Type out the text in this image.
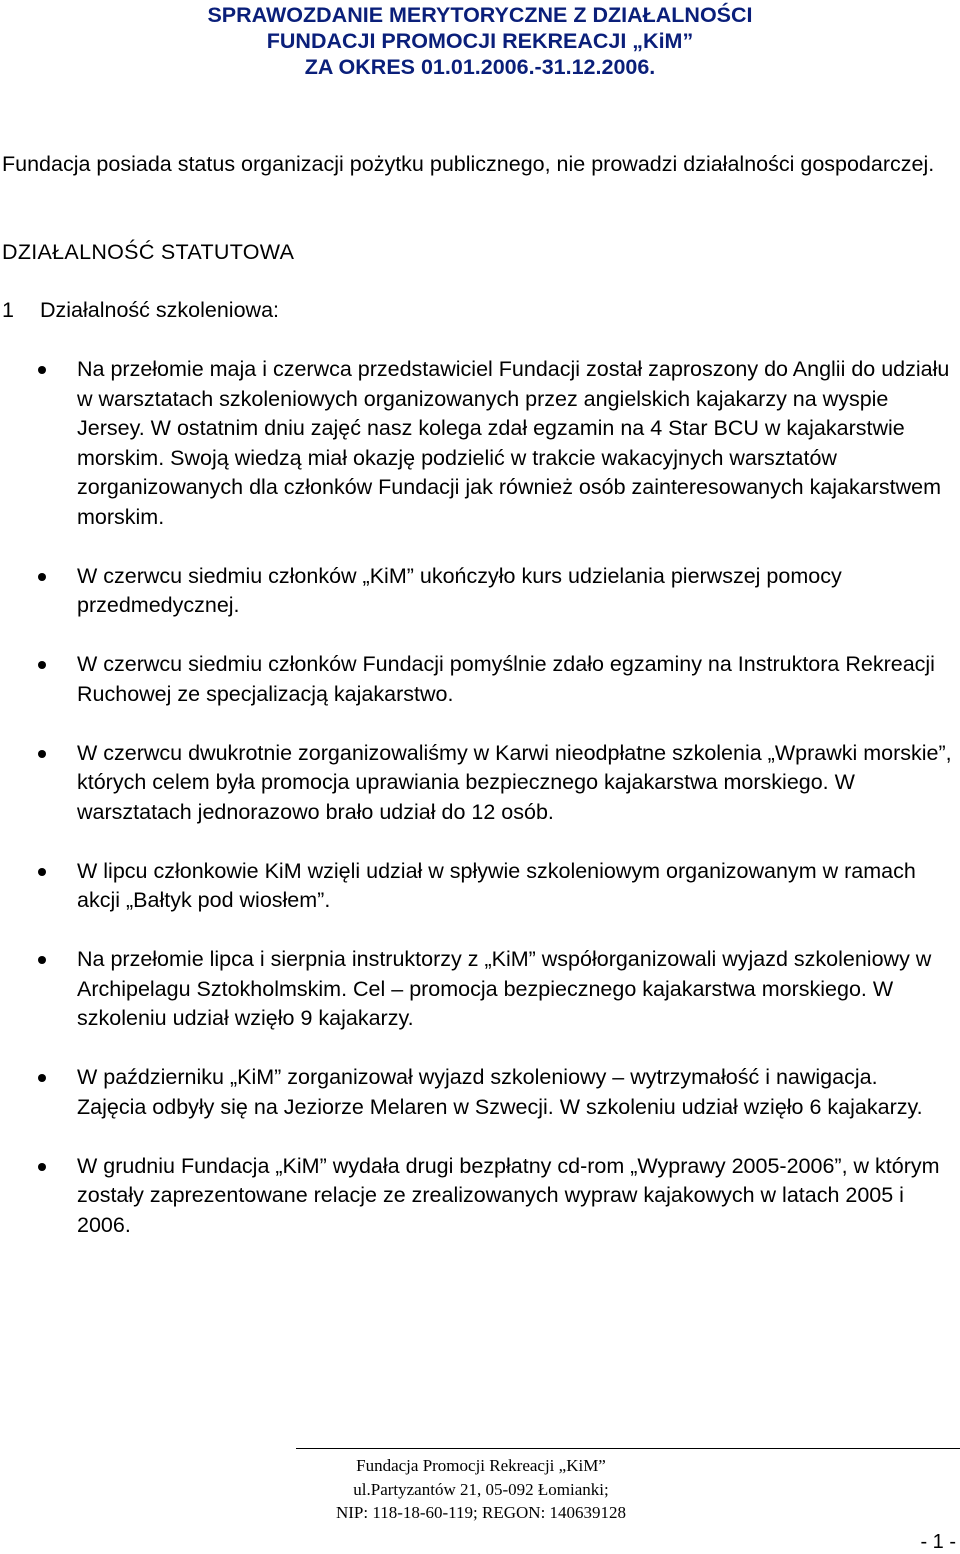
SPRAWOZDANIE MERYTORYCZNE Z DZIAŁALNOŚCI
FUNDACJI PROMOCJI REKREACJI „KiM”
ZA OKRES 01.01.2006.-31.12.2006.
Fundacja posiada status organizacji pożytku publicznego, nie prowadzi działalności gospodarczej.
DZIAŁALNOŚĆ STATUTOWA
1 Działalność szkoleniowa:
Na przełomie maja i czerwca przedstawiciel Fundacji został zaproszony do Anglii do udziału w warsztatach szkoleniowych organizowanych przez angielskich kajakarzy na wyspie Jersey. W ostatnim dniu zajęć nasz kolega zdał egzamin na 4 Star BCU w kajakarstwie morskim. Swoją wiedzą miał okazję podzielić w trakcie wakacyjnych warsztatów zorganizowanych dla członków Fundacji jak również osób zainteresowanych kajakarstwem morskim.
W czerwcu siedmiu członków „KiM” ukończyło kurs udzielania pierwszej pomocy przedmedycznej.
W czerwcu siedmiu członków Fundacji pomyślnie zdało egzaminy na Instruktora Rekreacji Ruchowej ze specjalizacją kajakarstwo.
W czerwcu dwukrotnie zorganizowaliśmy w Karwi nieodpłatne szkolenia „Wprawki morskie”, których celem była promocja uprawiania bezpiecznego kajakarstwa morskiego. W warsztatach jednorazowo brało udział do 12 osób.
W lipcu członkowie KiM wzięli udział w spływie szkoleniowym organizowanym w ramach akcji „Bałtyk pod wiosłem”.
Na przełomie lipca i sierpnia instruktorzy z „KiM” współorganizowali wyjazd szkoleniowy w Archipelagu Sztokholmskim. Cel – promocja bezpiecznego kajakarstwa morskiego. W szkoleniu udział wzięło 9 kajakarzy.
W październiku „KiM” zorganizował wyjazd szkoleniowy – wytrzymałość i nawigacja. Zajęcia odbyły się na Jeziorze Melaren w Szwecji. W szkoleniu udział wzięło 6 kajakarzy.
W grudniu Fundacja „KiM” wydała drugi bezpłatny cd-rom „Wyprawy 2005-2006”, w którym zostały zaprezentowane relacje ze zrealizowanych wypraw kajakowych w latach 2005 i 2006.
Fundacja Promocji Rekreacji „KiM”
ul.Partyzantów 21, 05-092 Łomianki;
NIP: 118-18-60-119; REGON: 140639128
- 1 -
